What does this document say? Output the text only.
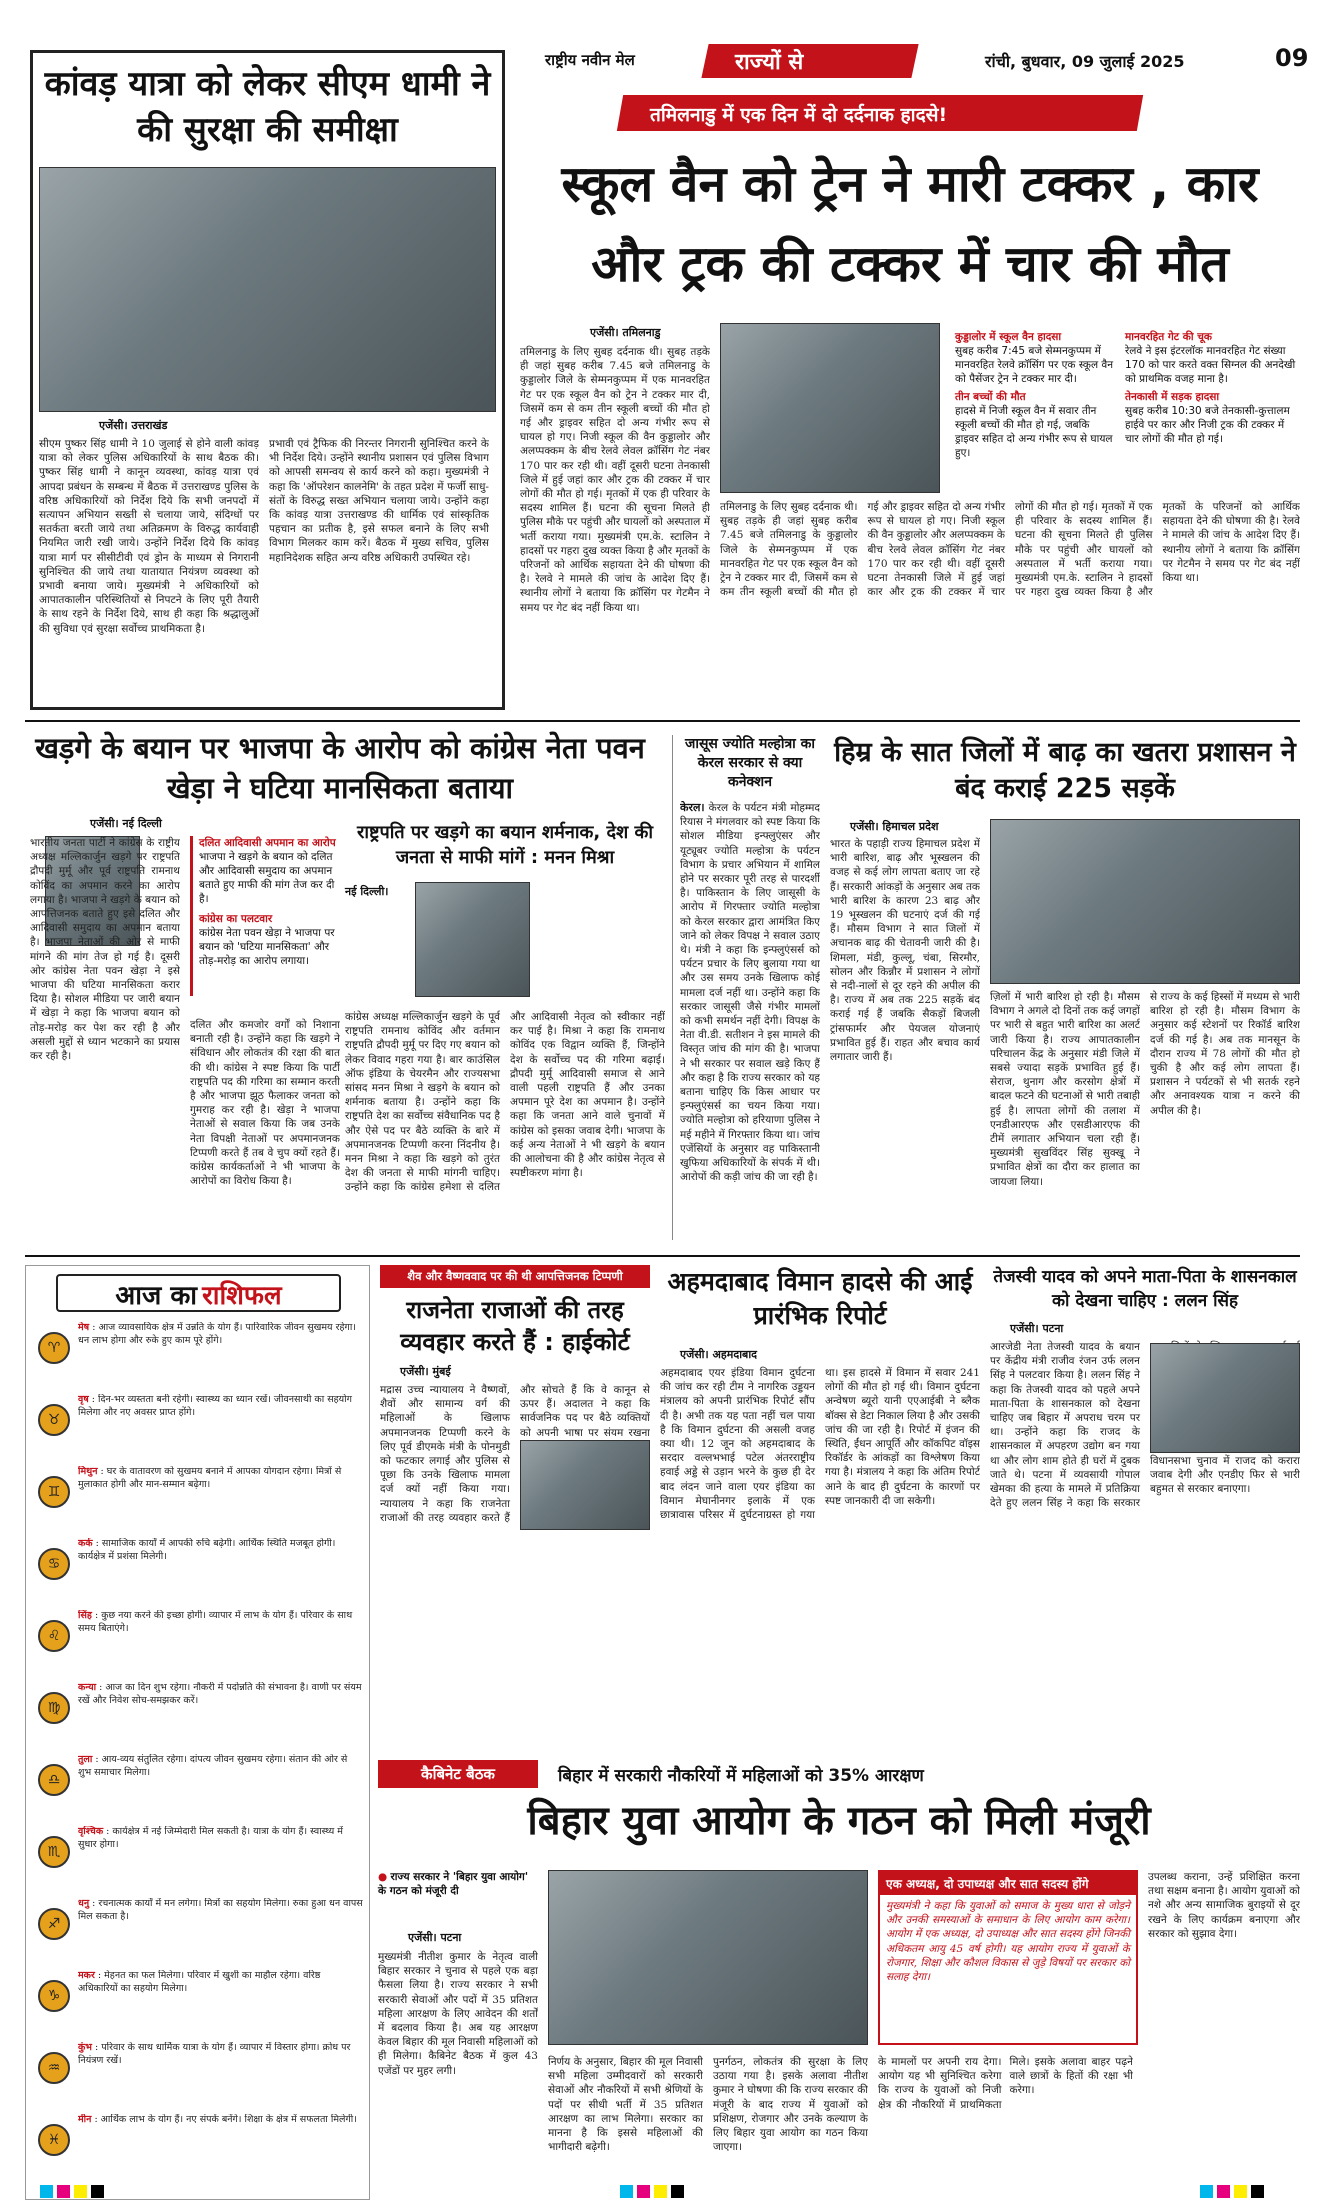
राष्ट्रीय नवीन मेल	राज्यों से	रांची, बुधवार, 09 जुलाई 2025	09
कांवड़ यात्रा को लेकर सीएम धामी ने की सुरक्षा की समीक्षा
एजेंसी। उत्तराखंड
सीएम पुष्कर सिंह धामी ने 10 जुलाई से होने वाली कांवड़ यात्रा को लेकर पुलिस अधिकारियों के साथ बैठक की। पुष्कर सिंह धामी ने कानून व्यवस्था, कांवड़ यात्रा एवं आपदा प्रबंधन के सम्बन्ध में बैठक में उत्तराखण्ड पुलिस के वरिष्ठ अधिकारियों को निर्देश दिये कि सभी जनपदों में सत्यापन अभियान सख्ती से चलाया जाये, संदिग्धों पर सतर्कता बरती जाये तथा अतिक्रमण के विरुद्ध कार्यवाही नियमित जारी रखी जाये। उन्होंने निर्देश दिये कि कांवड़ यात्रा मार्ग पर सीसीटीवी एवं ड्रोन के माध्यम से निगरानी सुनिश्चित की जाये तथा यातायात नियंत्रण व्यवस्था को प्रभावी बनाया जाये। मुख्यमंत्री ने अधिकारियों को आपातकालीन परिस्थितियों से निपटने के लिए पूरी तैयारी के साथ रहने के निर्देश दिये, साथ ही कहा कि श्रद्धालुओं की सुविधा एवं सुरक्षा सर्वोच्च प्राथमिकता है।
प्रभावी एवं ट्रैफिक की निरन्तर निगरानी सुनिश्चित करने के भी निर्देश दिये। उन्होंने स्थानीय प्रशासन एवं पुलिस विभाग को आपसी समन्वय से कार्य करने को कहा। मुख्यमंत्री ने कहा कि 'ऑपरेशन कालनेमि' के तहत प्रदेश में फर्जी साधु-संतों के विरुद्ध सख्त अभियान चलाया जाये। उन्होंने कहा कि कांवड़ यात्रा उत्तराखण्ड की धार्मिक एवं सांस्कृतिक पहचान का प्रतीक है, इसे सफल बनाने के लिए सभी विभाग मिलकर काम करें। बैठक में मुख्य सचिव, पुलिस महानिदेशक सहित अन्य वरिष्ठ अधिकारी उपस्थित रहे।
तमिलनाडु में एक दिन में दो दर्दनाक हादसे!
स्कूल वैन को ट्रेन ने मारी टक्कर , कार
और ट्रक की टक्कर में चार की मौत
एजेंसी। तमिलनाडु
तमिलनाडु के लिए सुबह दर्दनाक थी। सुबह तड़के ही जहां सुबह करीब 7.45 बजे तमिलनाडु के कुड्डालोर जिले के सेम्मनकुप्पम में एक मानवरहित गेट पर एक स्कूल वैन को ट्रेन ने टक्कर मार दी, जिसमें कम से कम तीन स्कूली बच्चों की मौत हो गई और ड्राइवर सहित दो अन्य गंभीर रूप से घायल हो गए। निजी स्कूल की वैन कुड्डालोर और अलप्पक्कम के बीच रेलवे लेवल क्रॉसिंग गेट नंबर 170 पार कर रही थी। वहीं दूसरी घटना तेनकासी जिले में हुई जहां कार और ट्रक की टक्कर में चार लोगों की मौत हो गई। मृतकों में एक ही परिवार के सदस्य शामिल हैं। घटना की सूचना मिलते ही पुलिस मौके पर पहुंची और घायलों को अस्पताल में भर्ती कराया गया। मुख्यमंत्री एम.के. स्टालिन ने हादसों पर गहरा दुख व्यक्त किया है और मृतकों के परिजनों को आर्थिक सहायता देने की घोषणा की है। रेलवे ने मामले की जांच के आदेश दिए हैं। स्थानीय लोगों ने बताया कि क्रॉसिंग पर गेटमैन ने समय पर गेट बंद नहीं किया था।
कुड्डालोर में स्कूल वैन हादसा
सुबह करीब 7:45 बजे सेम्मनकुप्पम में मानवरहित रेलवे क्रॉसिंग पर एक स्कूल वैन को पैसेंजर ट्रेन ने टक्कर मार दी।
तीन बच्चों की मौत
हादसे में निजी स्कूल वैन में सवार तीन स्कूली बच्चों की मौत हो गई, जबकि ड्राइवर सहित दो अन्य गंभीर रूप से घायल हुए।
मानवरहित गेट की चूक
रेलवे ने इस इंटरलॉक मानवरहित गेट संख्या 170 को पार करते वक्त सिग्नल की अनदेखी को प्राथमिक वजह माना है।
तेनकासी में सड़क हादसा
सुबह करीब 10:30 बजे तेनकासी-कुत्तालम हाईवे पर कार और निजी ट्रक की टक्कर में चार लोगों की मौत हो गई।
तमिलनाडु के लिए सुबह दर्दनाक थी। सुबह तड़के ही जहां सुबह करीब 7.45 बजे तमिलनाडु के कुड्डालोर जिले के सेम्मनकुप्पम में एक मानवरहित गेट पर एक स्कूल वैन को ट्रेन ने टक्कर मार दी, जिसमें कम से कम तीन स्कूली बच्चों की मौत हो गई और ड्राइवर सहित दो अन्य गंभीर रूप से घायल हो गए। निजी स्कूल की वैन कुड्डालोर और अलप्पक्कम के बीच रेलवे लेवल क्रॉसिंग गेट नंबर 170 पार कर रही थी। वहीं दूसरी घटना तेनकासी जिले में हुई जहां कार और ट्रक की टक्कर में चार लोगों की मौत हो गई। मृतकों में एक ही परिवार के सदस्य शामिल हैं। घटना की सूचना मिलते ही पुलिस मौके पर पहुंची और घायलों को अस्पताल में भर्ती कराया गया। मुख्यमंत्री एम.के. स्टालिन ने हादसों पर गहरा दुख व्यक्त किया है और मृतकों के परिजनों को आर्थिक सहायता देने की घोषणा की है। रेलवे ने मामले की जांच के आदेश दिए हैं। स्थानीय लोगों ने बताया कि क्रॉसिंग पर गेटमैन ने समय पर गेट बंद नहीं किया था।
खड़गे के बयान पर भाजपा के आरोप को कांग्रेस नेता पवन खेड़ा ने घटिया मानसिकता बताया
एजेंसी। नई दिल्ली
भारतीय जनता पार्टी ने कांग्रेस के राष्ट्रीय अध्यक्ष मल्लिकार्जुन खड़गे पर राष्ट्रपति द्रौपदी मुर्मू और पूर्व राष्ट्रपति रामनाथ कोविंद का अपमान करने का आरोप लगाया है। भाजपा ने खड़गे के बयान को आपत्तिजनक बताते हुए इसे दलित और आदिवासी समुदाय का अपमान बताया है। भाजपा नेताओं की ओर से माफी मांगने की मांग तेज हो गई है। दूसरी ओर कांग्रेस नेता पवन खेड़ा ने इसे भाजपा की घटिया मानसिकता करार दिया है। सोशल मीडिया पर जारी बयान में खेड़ा ने कहा कि भाजपा बयान को तोड़-मरोड़ कर पेश कर रही है और असली मुद्दों से ध्यान भटकाने का प्रयास कर रही है।
दलित आदिवासी अपमान का आरोप
भाजपा ने खड़गे के बयान को दलित और आदिवासी समुदाय का अपमान बताते हुए माफी की मांग तेज कर दी है।
कांग्रेस का पलटवार
कांग्रेस नेता पवन खेड़ा ने भाजपा पर बयान को 'घटिया मानसिकता' और तोड़-मरोड़ का आरोप लगाया।
दलित और कमजोर वर्गों को निशाना बनाती रही है। उन्होंने कहा कि खड़गे ने संविधान और लोकतंत्र की रक्षा की बात की थी। कांग्रेस ने स्पष्ट किया कि पार्टी राष्ट्रपति पद की गरिमा का सम्मान करती है और भाजपा झूठ फैलाकर जनता को गुमराह कर रही है। खेड़ा ने भाजपा नेताओं से सवाल किया कि जब उनके नेता विपक्षी नेताओं पर अपमानजनक टिप्पणी करते हैं तब वे चुप क्यों रहते हैं। कांग्रेस कार्यकर्ताओं ने भी भाजपा के आरोपों का विरोध किया है।
राष्ट्रपति पर खड़गे का बयान शर्मनाक, देश की जनता से माफी मांगें : मनन मिश्रा
नई दिल्ली।
कांग्रेस अध्यक्ष मल्लिकार्जुन खड़गे के पूर्व राष्ट्रपति रामनाथ कोविंद और वर्तमान राष्ट्रपति द्रौपदी मुर्मू पर दिए गए बयान को लेकर विवाद गहरा गया है। बार काउंसिल ऑफ इंडिया के चेयरमैन और राज्यसभा सांसद मनन मिश्रा ने खड़गे के बयान को शर्मनाक बताया है। उन्होंने कहा कि राष्ट्रपति देश का सर्वोच्च संवैधानिक पद है और ऐसे पद पर बैठे व्यक्ति के बारे में अपमानजनक टिप्पणी करना निंदनीय है। मनन मिश्रा ने कहा कि खड़गे को तुरंत देश की जनता से माफी मांगनी चाहिए। उन्होंने कहा कि कांग्रेस हमेशा से दलित और आदिवासी नेतृत्व को स्वीकार नहीं कर पाई है। मिश्रा ने कहा कि रामनाथ कोविंद एक विद्वान व्यक्ति हैं, जिन्होंने देश के सर्वोच्च पद की गरिमा बढ़ाई। द्रौपदी मुर्मू आदिवासी समाज से आने वाली पहली राष्ट्रपति हैं और उनका अपमान पूरे देश का अपमान है। उन्होंने कहा कि जनता आने वाले चुनावों में कांग्रेस को इसका जवाब देगी। भाजपा के कई अन्य नेताओं ने भी खड़गे के बयान की आलोचना की है और कांग्रेस नेतृत्व से स्पष्टीकरण मांगा है।
जासूस ज्योति मल्होत्रा का केरल सरकार से क्या कनेक्शन
केरल। केरल के पर्यटन मंत्री मोहम्मद रियास ने मंगलवार को स्पष्ट किया कि सोशल मीडिया इन्फ्लुएंसर और यूट्यूबर ज्योति मल्होत्रा के पर्यटन विभाग के प्रचार अभियान में शामिल होने पर सरकार पूरी तरह से पारदर्शी है। पाकिस्तान के लिए जासूसी के आरोप में गिरफ्तार ज्योति मल्होत्रा को केरल सरकार द्वारा आमंत्रित किए जाने को लेकर विपक्ष ने सवाल उठाए थे। मंत्री ने कहा कि इन्फ्लुएंसर्स को पर्यटन प्रचार के लिए बुलाया गया था और उस समय उनके खिलाफ कोई मामला दर्ज नहीं था। उन्होंने कहा कि सरकार जासूसी जैसे गंभीर मामलों को कभी समर्थन नहीं देगी। विपक्ष के नेता वी.डी. सतीशन ने इस मामले की विस्तृत जांच की मांग की है। भाजपा ने भी सरकार पर सवाल खड़े किए हैं और कहा है कि राज्य सरकार को यह बताना चाहिए कि किस आधार पर इन्फ्लुएंसर्स का चयन किया गया। ज्योति मल्होत्रा को हरियाणा पुलिस ने मई महीने में गिरफ्तार किया था। जांच एजेंसियों के अनुसार वह पाकिस्तानी खुफिया अधिकारियों के संपर्क में थी। आरोपों की कड़ी जांच की जा रही है।
हिम्र के सात जिलों में बाढ़ का खतरा प्रशासन ने बंद कराई 225 सड़कें
एजेंसी। हिमाचल प्रदेश
भारत के पहाड़ी राज्य हिमाचल प्रदेश में भारी बारिश, बाढ़ और भूस्खलन की वजह से कई लोग लापता बताए जा रहे हैं। सरकारी आंकड़ों के अनुसार अब तक भारी बारिश के कारण 23 बाढ़ और 19 भूस्खलन की घटनाएं दर्ज की गई हैं। मौसम विभाग ने सात जिलों में अचानक बाढ़ की चेतावनी जारी की है। शिमला, मंडी, कुल्लू, चंबा, सिरमौर, सोलन और किन्नौर में प्रशासन ने लोगों से नदी-नालों से दूर रहने की अपील की है। राज्य में अब तक 225 सड़कें बंद कराई गई हैं जबकि सैकड़ों बिजली ट्रांसफार्मर और पेयजल योजनाएं प्रभावित हुई हैं। राहत और बचाव कार्य लगातार जारी हैं।
ज़िलों में भारी बारिश हो रही है। मौसम विभाग ने अगले दो दिनों तक कई जगहों पर भारी से बहुत भारी बारिश का अलर्ट जारी किया है। राज्य आपातकालीन परिचालन केंद्र के अनुसार मंडी जिले में सबसे ज्यादा सड़कें प्रभावित हुई हैं। सेराज, थुनाग और करसोग क्षेत्रों में बादल फटने की घटनाओं से भारी तबाही हुई है। लापता लोगों की तलाश में एनडीआरएफ और एसडीआरएफ की टीमें लगातार अभियान चला रही हैं। मुख्यमंत्री सुखविंदर सिंह सुक्खू ने प्रभावित क्षेत्रों का दौरा कर हालात का जायजा लिया।
से राज्य के कई हिस्सों में मध्यम से भारी बारिश हो रही है। मौसम विभाग के अनुसार कई स्टेशनों पर रिकॉर्ड बारिश दर्ज की गई है। अब तक मानसून के दौरान राज्य में 78 लोगों की मौत हो चुकी है और कई लोग लापता हैं। प्रशासन ने पर्यटकों से भी सतर्क रहने और अनावश्यक यात्रा न करने की अपील की है।
आज का राशिफल
♈
मेष : आज व्यावसायिक क्षेत्र में उन्नति के योग हैं। पारिवारिक जीवन सुखमय रहेगा। धन लाभ होगा और रुके हुए काम पूरे होंगे।
♉
वृष : दिन-भर व्यस्तता बनी रहेगी। स्वास्थ्य का ध्यान रखें। जीवनसाथी का सहयोग मिलेगा और नए अवसर प्राप्त होंगे।
♊
मिथुन : घर के वातावरण को सुखमय बनाने में आपका योगदान रहेगा। मित्रों से मुलाकात होगी और मान-सम्मान बढ़ेगा।
♋
कर्क : सामाजिक कार्यों में आपकी रुचि बढ़ेगी। आर्थिक स्थिति मजबूत होगी। कार्यक्षेत्र में प्रशंसा मिलेगी।
♌
सिंह : कुछ नया करने की इच्छा होगी। व्यापार में लाभ के योग हैं। परिवार के साथ समय बिताएंगे।
♍
कन्या : आज का दिन शुभ रहेगा। नौकरी में पदोन्नति की संभावना है। वाणी पर संयम रखें और निवेश सोच-समझकर करें।
♎
तुला : आय-व्यय संतुलित रहेगा। दांपत्य जीवन सुखमय रहेगा। संतान की ओर से शुभ समाचार मिलेगा।
♏
वृश्चिक : कार्यक्षेत्र में नई जिम्मेदारी मिल सकती है। यात्रा के योग हैं। स्वास्थ्य में सुधार होगा।
♐
धनु : रचनात्मक कार्यों में मन लगेगा। मित्रों का सहयोग मिलेगा। रुका हुआ धन वापस मिल सकता है।
♑
मकर : मेहनत का फल मिलेगा। परिवार में खुशी का माहौल रहेगा। वरिष्ठ अधिकारियों का सहयोग मिलेगा।
♒
कुंभ : परिवार के साथ धार्मिक यात्रा के योग हैं। व्यापार में विस्तार होगा। क्रोध पर नियंत्रण रखें।
♓
मीन : आर्थिक लाभ के योग हैं। नए संपर्क बनेंगे। शिक्षा के क्षेत्र में सफलता मिलेगी।
शैव और वैष्णववाद पर की थी आपत्तिजनक टिप्पणी
राजनेता राजाओं की तरह व्यवहार करते हैं : हाईकोर्ट
एजेंसी। मुंबई
मद्रास उच्च न्यायालय ने वैष्णवों, शैवों और सामान्य वर्ग की महिलाओं के खिलाफ अपमानजनक टिप्पणी करने के लिए पूर्व डीएमके मंत्री के पोनमुडी को फटकार लगाई और पुलिस से पूछा कि उनके खिलाफ मामला दर्ज क्यों नहीं किया गया। न्यायालय ने कहा कि राजनेता राजाओं की तरह व्यवहार करते हैं और सोचते हैं कि वे कानून से ऊपर हैं। अदालत ने कहा कि सार्वजनिक पद पर बैठे व्यक्तियों को अपनी भाषा पर संयम रखना
अहमदाबाद विमान हादसे की आई प्रारंभिक रिपोर्ट
एजेंसी। अहमदाबाद
अहमदाबाद एयर इंडिया विमान दुर्घटना की जांच कर रही टीम ने नागरिक उड्डयन मंत्रालय को अपनी प्रारंभिक रिपोर्ट सौंप दी है। अभी तक यह पता नहीं चल पाया है कि विमान दुर्घटना की असली वजह क्या थी। 12 जून को अहमदाबाद के सरदार वल्लभभाई पटेल अंतरराष्ट्रीय हवाई अड्डे से उड़ान भरने के कुछ ही देर बाद लंदन जाने वाला एयर इंडिया का विमान मेघानीनगर इलाके में एक छात्रावास परिसर में दुर्घटनाग्रस्त हो गया था। इस हादसे में विमान में सवार 241 लोगों की मौत हो गई थी। विमान दुर्घटना अन्वेषण ब्यूरो यानी एएआईबी ने ब्लैक बॉक्स से डेटा निकाल लिया है और उसकी जांच की जा रही है। रिपोर्ट में इंजन की स्थिति, ईंधन आपूर्ति और कॉकपिट वॉइस रिकॉर्डर के आंकड़ों का विश्लेषण किया गया है। मंत्रालय ने कहा कि अंतिम रिपोर्ट आने के बाद ही दुर्घटना के कारणों पर स्पष्ट जानकारी दी जा सकेगी।
तेजस्वी यादव को अपने माता-पिता के शासनकाल को देखना चाहिए : ललन सिंह
एजेंसी। पटना
आरजेडी नेता तेजस्वी यादव के बयान पर केंद्रीय मंत्री राजीव रंजन उर्फ ललन सिंह ने पलटवार किया है। ललन सिंह ने कहा कि तेजस्वी यादव को पहले अपने माता-पिता के शासनकाल को देखना चाहिए जब बिहार में अपराध चरम पर था। उन्होंने कहा कि राजद के शासनकाल में अपहरण उद्योग बन गया था और लोग शाम होते ही घरों में दुबक जाते थे। पटना में व्यवसायी गोपाल खेमका की हत्या के मामले में प्रतिक्रिया देते हुए ललन सिंह ने कहा कि सरकार विधानसभा चुनाव में राजद को करारा जवाब देगी और एनडीए फिर से भारी बहुमत से सरकार बनाएगा।
कैबिनेट बैठक	बिहार में सरकारी नौकरियों में महिलाओं को 35% आरक्षण
बिहार युवा आयोग के गठन को मिली मंजूरी
● राज्य सरकार ने 'बिहार युवा आयोग' के गठन को मंजूरी दी
एजेंसी। पटना
मुख्यमंत्री नीतीश कुमार के नेतृत्व वाली बिहार सरकार ने चुनाव से पहले एक बड़ा फैसला लिया है। राज्य सरकार ने सभी सरकारी सेवाओं और पदों में 35 प्रतिशत महिला आरक्षण के लिए आवेदन की शर्तों में बदलाव किया है। अब यह आरक्षण केवल बिहार की मूल निवासी महिलाओं को ही मिलेगा। कैबिनेट बैठक में कुल 43 एजेंडों पर मुहर लगी।
निर्णय के अनुसार, बिहार की मूल निवासी सभी महिला उम्मीदवारों को सरकारी सेवाओं और नौकरियों में सभी श्रेणियों के पदों पर सीधी भर्ती में 35 प्रतिशत आरक्षण का लाभ मिलेगा। सरकार का मानना है कि इससे महिलाओं की भागीदारी बढ़ेगी।
पुनर्गठन, लोकतंत्र की सुरक्षा के लिए उठाया गया है। इसके अलावा नीतीश कुमार ने घोषणा की कि राज्य सरकार की मंजूरी के बाद राज्य में युवाओं को प्रशिक्षण, रोजगार और उनके कल्याण के लिए बिहार युवा आयोग का गठन किया जाएगा।
एक अध्यक्ष, दो उपाध्यक्ष और सात सदस्य होंगे
मुख्यमंत्री ने कहा कि युवाओं को समाज के मुख्य धारा से जोड़ने और उनकी समस्याओं के समाधान के लिए आयोग काम करेगा। आयोग में एक अध्यक्ष, दो उपाध्यक्ष और सात सदस्य होंगे जिनकी अधिकतम आयु 45 वर्ष होगी। यह आयोग राज्य में युवाओं के रोजगार, शिक्षा और कौशल विकास से जुड़े विषयों पर सरकार को सलाह देगा।
के मामलों पर अपनी राय देगा। आयोग यह भी सुनिश्चित करेगा कि राज्य के युवाओं को निजी क्षेत्र की नौकरियों में प्राथमिकता मिले। इसके अलावा बाहर पढ़ने वाले छात्रों के हितों की रक्षा भी करेगा।
उपलब्ध कराना, उन्हें प्रशिक्षित करना तथा सक्षम बनाना है। आयोग युवाओं को नशे और अन्य सामाजिक बुराइयों से दूर रखने के लिए कार्यक्रम बनाएगा और सरकार को सुझाव देगा।
